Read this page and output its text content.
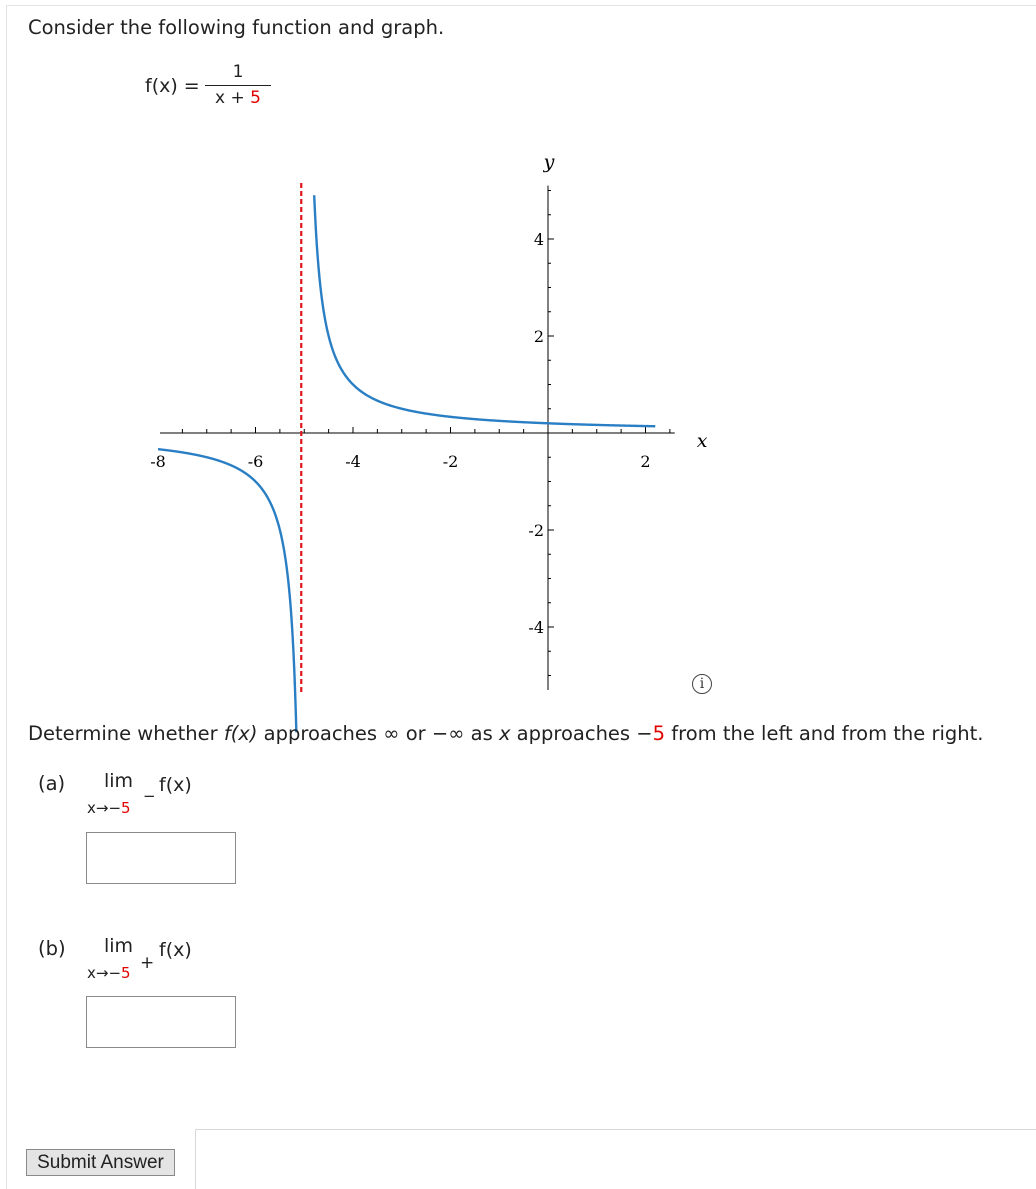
Consider the following function and graph.
f(x) =
1
x + 5
-8	-6	-4	-2	2
4
2
-2
-4
x
y
i
Determine whether f(x) approaches ∞ or −∞ as x approaches −5 from the left and from the right.
(a) lim
x→−5
− f(x)
(b) lim
x→−5 +
f(x)
Submit Answer
